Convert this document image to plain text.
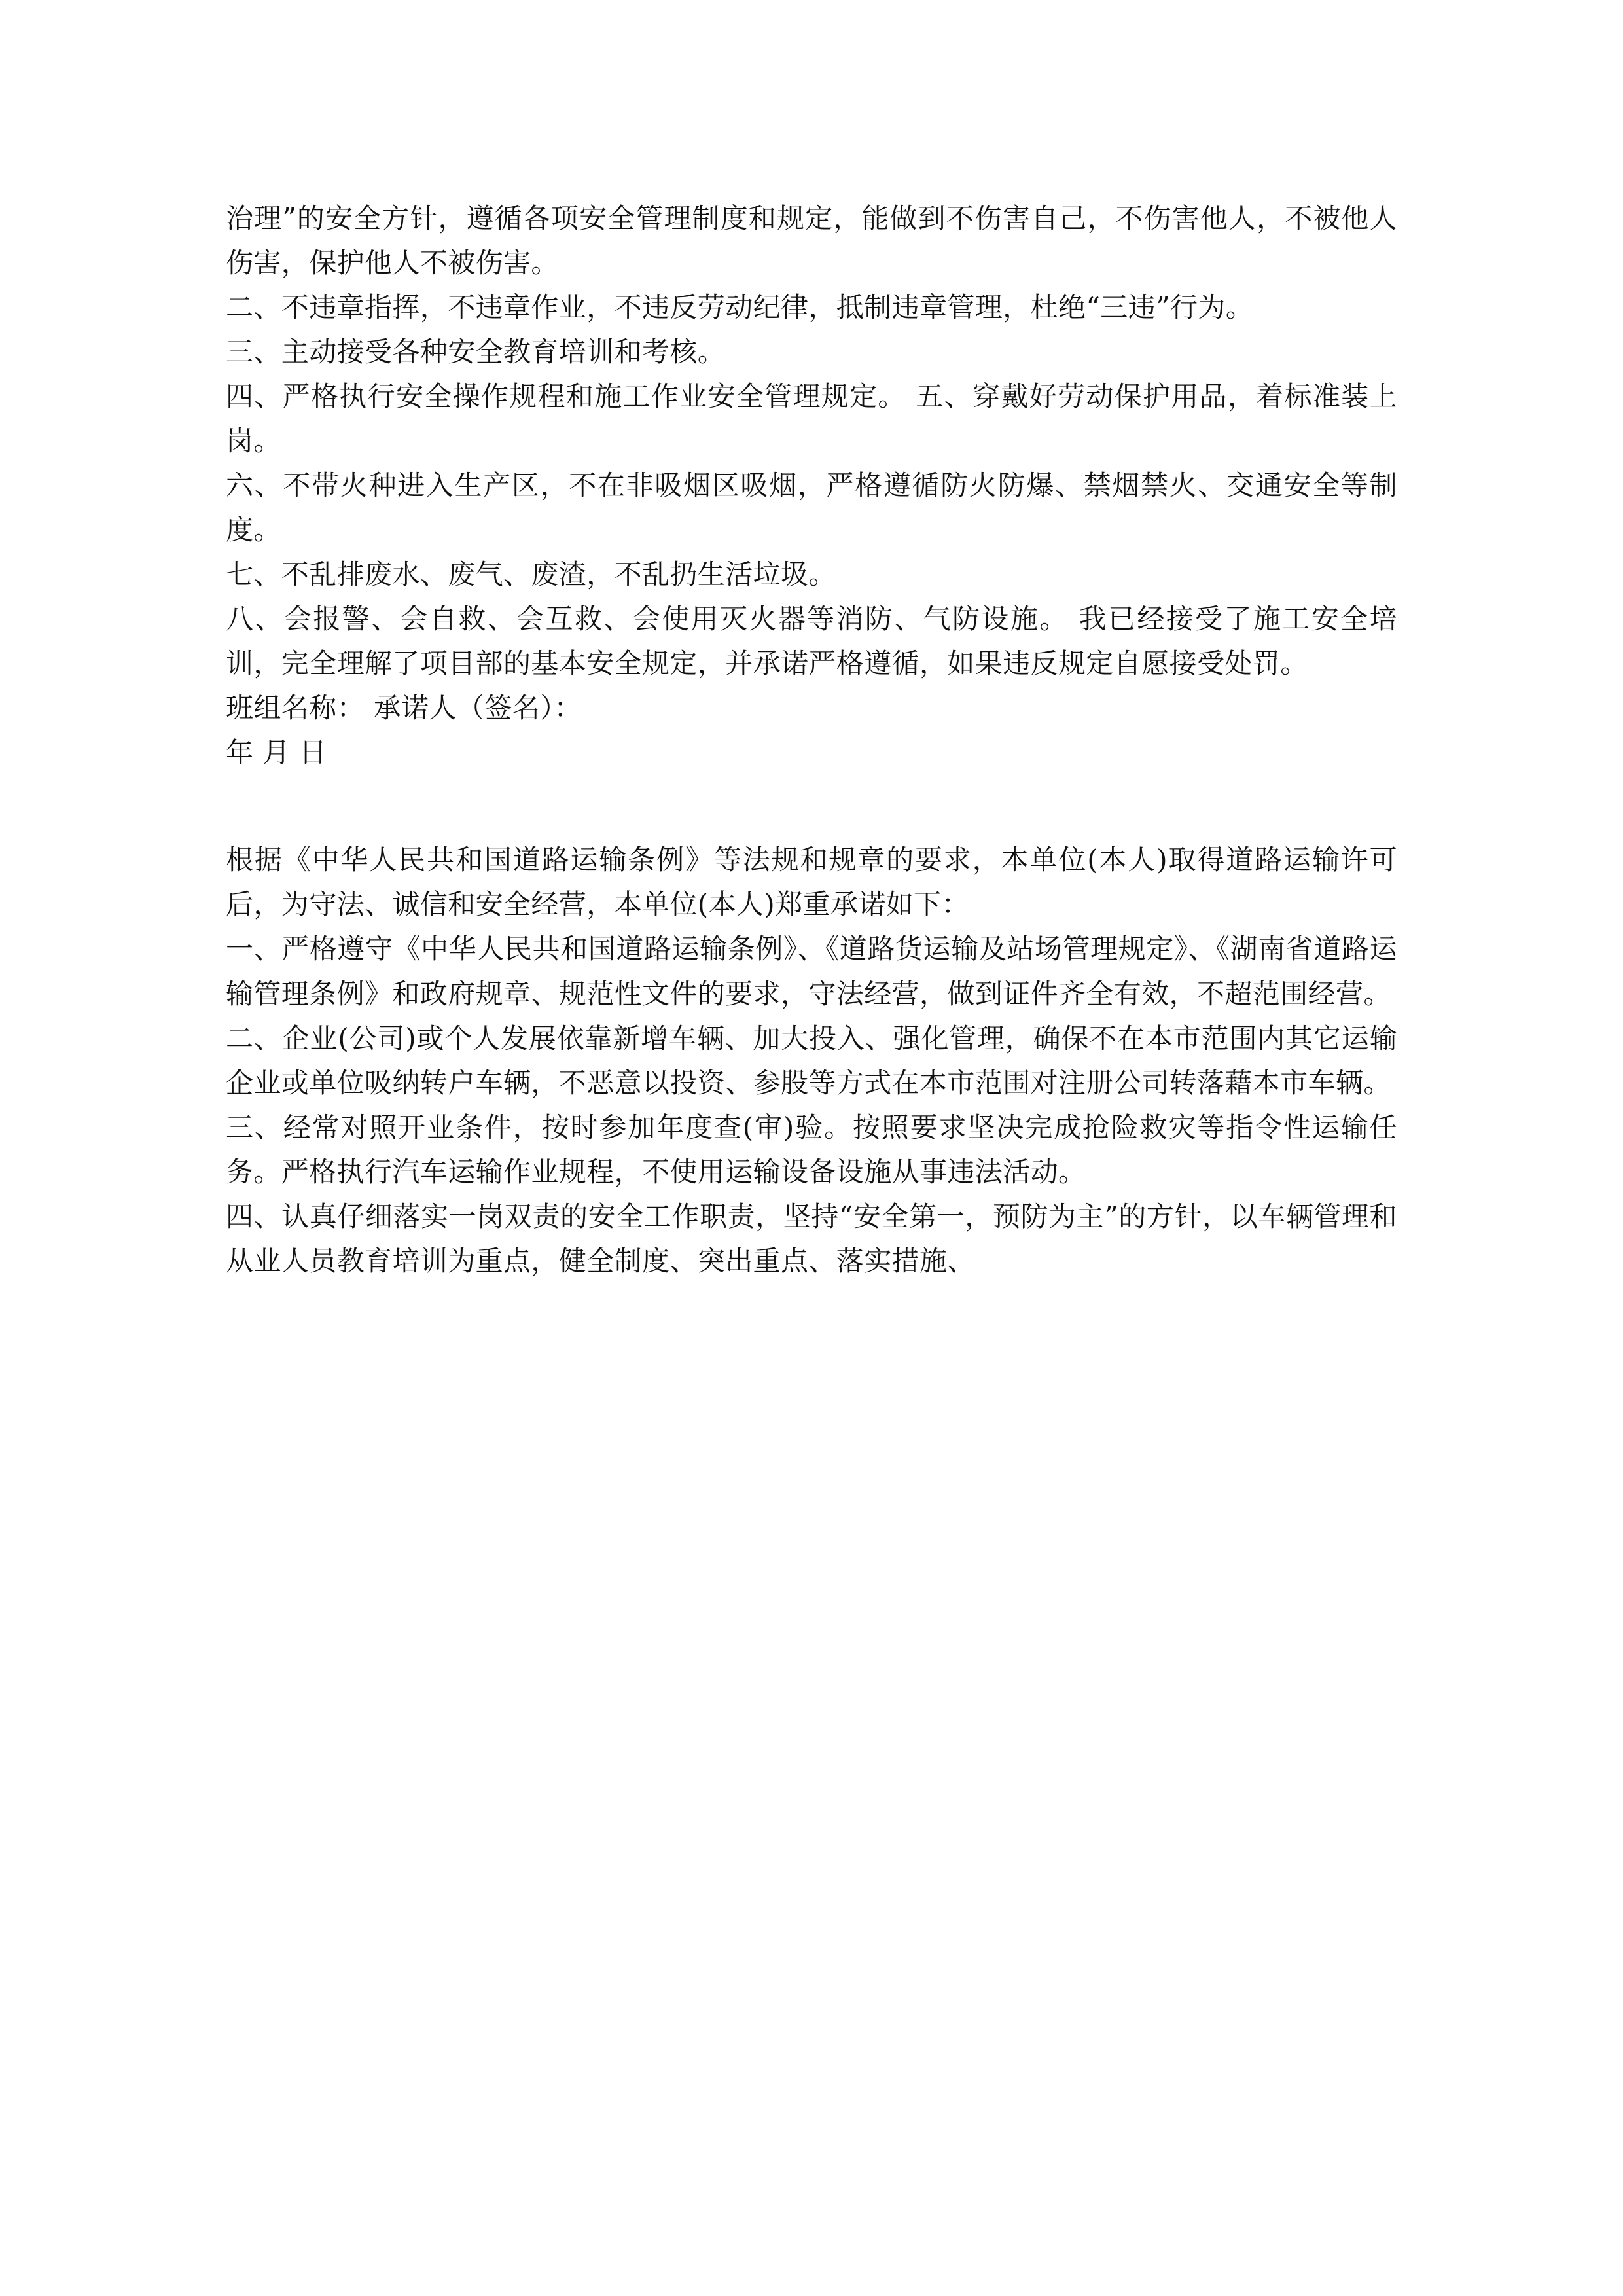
治理”的安全方针，遵循各项安全管理制度和规定，能做到不伤害自己，不伤害他人，不被他人伤害，保护他人不被伤害。

二、不违章指挥，不违章作业，不违反劳动纪律，抵制违章管理，杜绝“三违”行为。

三、主动接受各种安全教育培训和考核。

四、严格执行安全操作规程和施工作业安全管理规定。 五、穿戴好劳动保护用品，着标准装上岗。

六、不带火种进入生产区，不在非吸烟区吸烟，严格遵循防火防爆、禁烟禁火、交通安全等制度。

七、不乱排废水、废气、废渣，不乱扔生活垃圾。

八、会报警、会自救、会互救、会使用灭火器等消防、气防设施。 我已经接受了施工安全培训，完全理解了项目部的基本安全规定，并承诺严格遵循，如果违反规定自愿接受处罚。

班组名称： 承诺人（签名）：

年 月 日

根据《中华人民共和国道路运输条例》等法规和规章的要求，本单位(本人)取得道路运输许可后，为守法、诚信和安全经营，本单位(本人)郑重承诺如下：

一、严格遵守《中华人民共和国道路运输条例》、《道路货运输及站场管理规定》、《湖南省道路运输管理条例》和政府规章、规范性文件的要求，守法经营，做到证件齐全有效，不超范围经营。

二、企业(公司)或个人发展依靠新增车辆、加大投入、强化管理，确保不在本市范围内其它运输企业或单位吸纳转户车辆，不恶意以投资、参股等方式在本市范围对注册公司转落藉本市车辆。

三、经常对照开业条件，按时参加年度查(审)验。按照要求坚决完成抢险救灾等指令性运输任务。严格执行汽车运输作业规程，不使用运输设备设施从事违法活动。

四、认真仔细落实一岗双责的安全工作职责，坚持“安全第一，预防为主”的方针，以车辆管理和从业人员教育培训为重点，健全制度、突出重点、落实措施、
